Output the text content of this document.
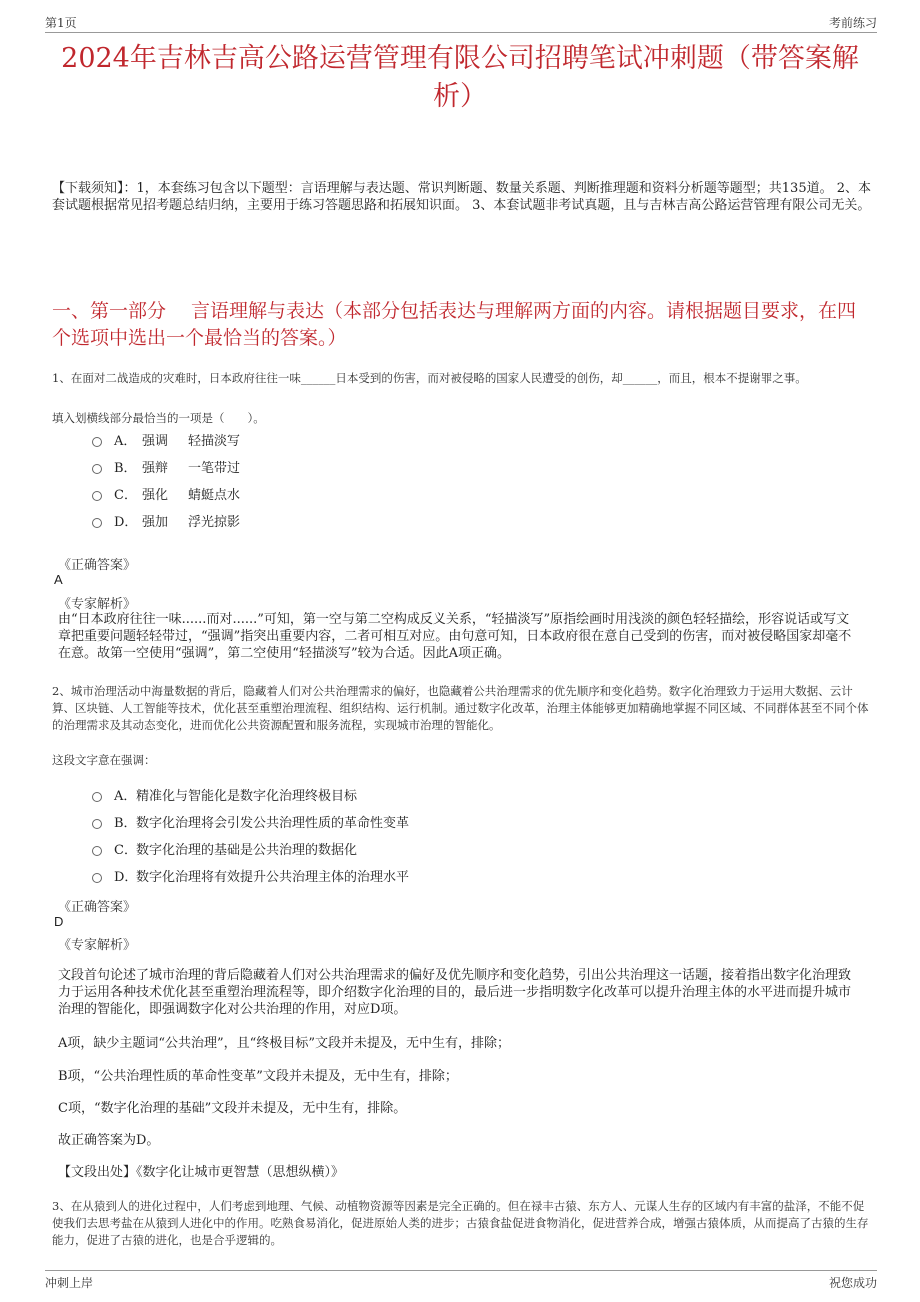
第1页	考前练习
2024年吉林吉高公路运营管理有限公司招聘笔试冲刺题（带答案解析）
【下载须知】：1，本套练习包含以下题型：言语理解与表达题、常识判断题、数量关系题、判断推理题和资料分析题等题型；共135道。 2、本套试题根据常见招考题总结归纳，主要用于练习答题思路和拓展知识面。 3、本套试题非考试真题，且与吉林吉高公路运营管理有限公司无关。
一、第一部分　 言语理解与表达（本部分包括表达与理解两方面的内容。请根据题目要求，在四个选项中选出一个最恰当的答案。）
1、在面对二战造成的灾难时，日本政府往往一味______日本受到的伤害，而对被侵略的国家人民遭受的创伤，却______，而且，根本不提谢罪之事。
填入划横线部分最恰当的一项是（　　）。
A． 强调	轻描淡写
B． 强辩	一笔带过
C． 强化	蜻蜓点水
D． 强加	浮光掠影
《正确答案》
A
《专家解析》
由“日本政府往往一味......而对......”可知，第一空与第二空构成反义关系，“轻描淡写”原指绘画时用浅淡的颜色轻轻描绘，形容说话或写文章把重要问题轻轻带过，“强调”指突出重要内容，二者可相互对应。由句意可知，日本政府很在意自己受到的伤害，而对被侵略国家却毫不在意。故第一空使用“强调”，第二空使用“轻描淡写”较为合适。因此A项正确。
2、城市治理活动中海量数据的背后，隐藏着人们对公共治理需求的偏好，也隐藏着公共治理需求的优先顺序和变化趋势。数字化治理致力于运用大数据、云计算、区块链、人工智能等技术，优化甚至重塑治理流程、组织结构、运行机制。通过数字化改革，治理主体能够更加精确地掌握不同区域、不同群体甚至不同个体的治理需求及其动态变化，进而优化公共资源配置和服务流程，实现城市治理的智能化。
这段文字意在强调：
A． 精准化与智能化是数字化治理终极目标
B． 数字化治理将会引发公共治理性质的革命性变革
C． 数字化治理的基础是公共治理的数据化
D．
数字化治理将有效提升公共治理主体的治理水平
《正确答案》
D
《专家解析》
文段首句论述了城市治理的背后隐藏着人们对公共治理需求的偏好及优先顺序和变化趋势，引出公共治理这一话题，接着指出数字化治理致力于运用各种技术优化甚至重塑治理流程等，即介绍数字化治理的目的，最后进一步指明数字化改革可以提升治理主体的水平进而提升城市治理的智能化，即强调数字化对公共治理的作用，对应D项。
A项，缺少主题词“公共治理”，且“终极目标”文段并未提及，无中生有，排除；
B项，“公共治理性质的革命性变革”文段并未提及，无中生有，排除；
C项，“数字化治理的基础”文段并未提及，无中生有，排除。
故正确答案为D。
【文段出处】《数字化让城市更智慧（思想纵横）》
3、在从猿到人的进化过程中，人们考虑到地理、气候、动植物资源等因素是完全正确的。但在禄丰古猿、东方人、元谋人生存的区域内有丰富的盐泽，不能不促使我们去思考盐在从猿到人进化中的作用。吃熟食易消化，促进原始人类的进步；古猿食盐促进食物消化，促进营养合成，增强古猿体质，从而提高了古猿的生存能力，促进了古猿的进化，也是合乎逻辑的。
冲刺上岸	祝您成功
